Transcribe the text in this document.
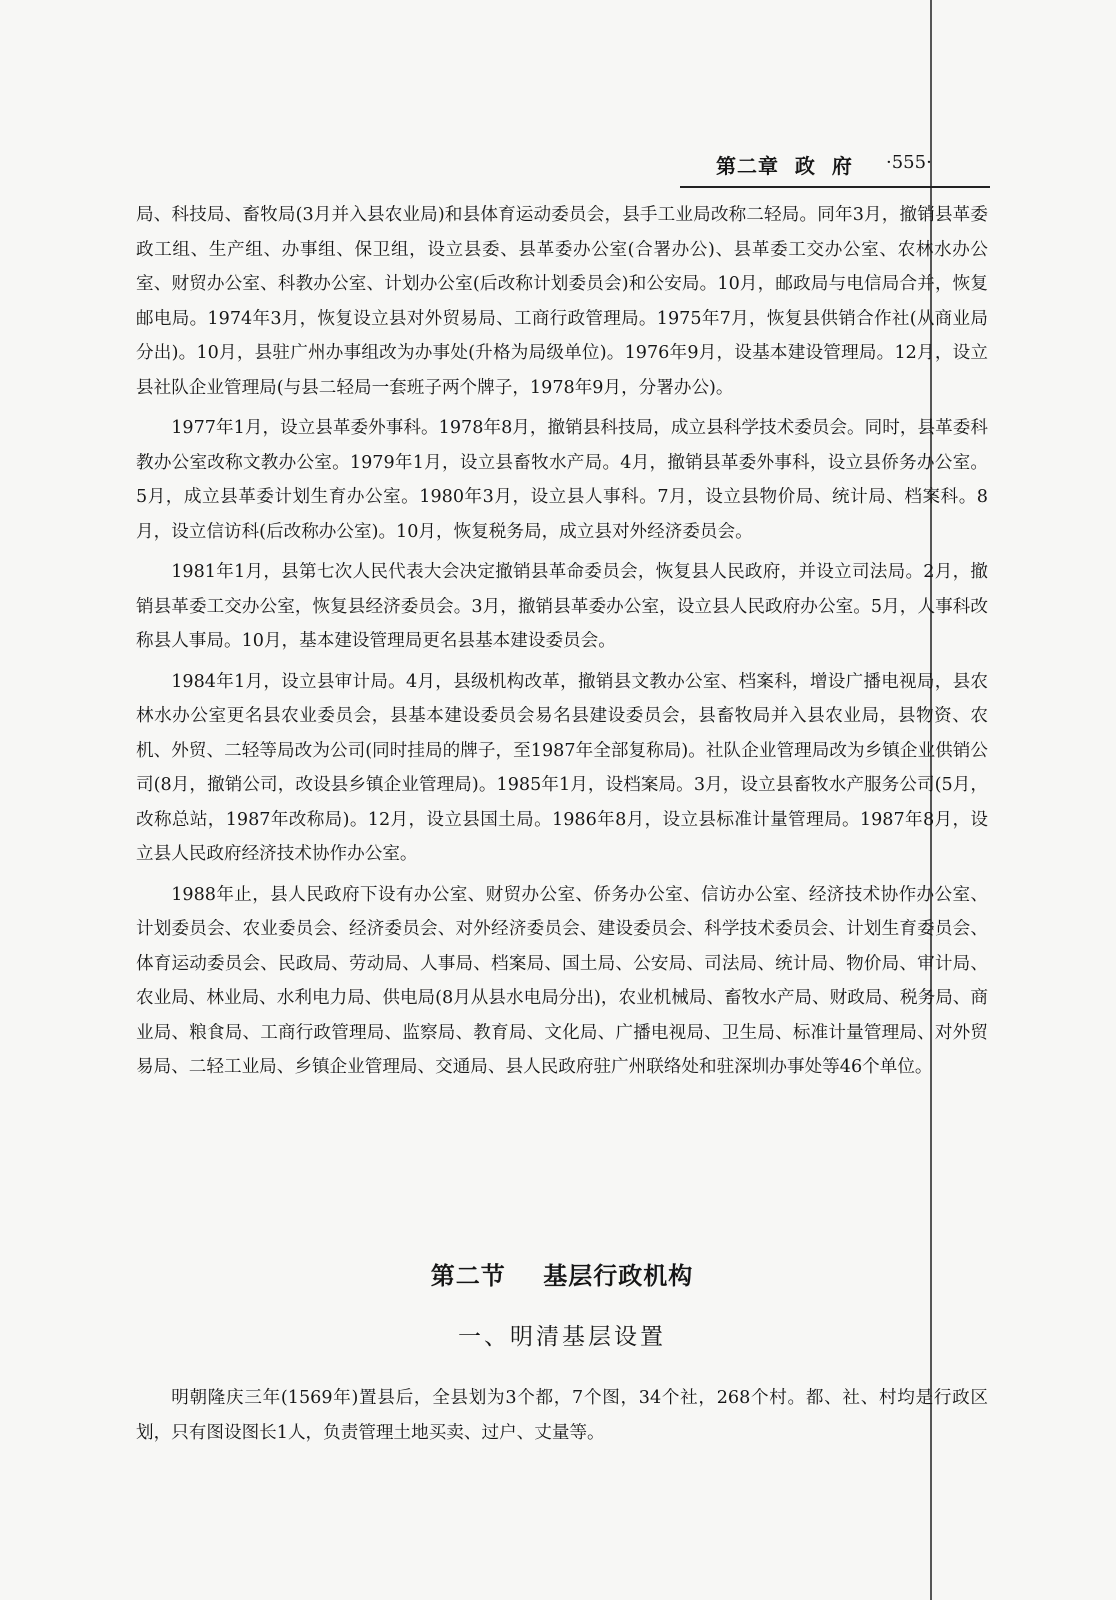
第二章  政  府 ·555·

局、科技局、畜牧局(3月并入县农业局)和县体育运动委员会，县手工业局改称二轻局。同年3月，撤销县革委政工组、生产组、办事组、保卫组，设立县委、县革委办公室(合署办公)、县革委工交办公室、农林水办公室、财贸办公室、科教办公室、计划办公室(后改称计划委员会)和公安局。10月，邮政局与电信局合并，恢复邮电局。1974年3月，恢复设立县对外贸易局、工商行政管理局。1975年7月，恢复县供销合作社(从商业局分出)。10月，县驻广州办事组改为办事处(升格为局级单位)。1976年9月，设基本建设管理局。12月，设立县社队企业管理局(与县二轻局一套班子两个牌子，1978年9月，分署办公)。

1977年1月，设立县革委外事科。1978年8月，撤销县科技局，成立县科学技术委员会。同时，县革委科教办公室改称文教办公室。1979年1月，设立县畜牧水产局。4月，撤销县革委外事科，设立县侨务办公室。5月，成立县革委计划生育办公室。1980年3月，设立县人事科。7月，设立县物价局、统计局、档案科。8月，设立信访科(后改称办公室)。10月，恢复税务局，成立县对外经济委员会。

1981年1月，县第七次人民代表大会决定撤销县革命委员会，恢复县人民政府，并设立司法局。2月，撤销县革委工交办公室，恢复县经济委员会。3月，撤销县革委办公室，设立县人民政府办公室。5月，人事科改称县人事局。10月，基本建设管理局更名县基本建设委员会。

1984年1月，设立县审计局。4月，县级机构改革，撤销县文教办公室、档案科，增设广播电视局，县农林水办公室更名县农业委员会，县基本建设委员会易名县建设委员会，县畜牧局并入县农业局，县物资、农机、外贸、二轻等局改为公司(同时挂局的牌子，至1987年全部复称局)。社队企业管理局改为乡镇企业供销公司(8月，撤销公司，改设县乡镇企业管理局)。1985年1月，设档案局。3月，设立县畜牧水产服务公司(5月，改称总站，1987年改称局)。12月，设立县国土局。1986年8月，设立县标准计量管理局。1987年8月，设立县人民政府经济技术协作办公室。

1988年止，县人民政府下设有办公室、财贸办公室、侨务办公室、信访办公室、经济技术协作办公室、计划委员会、农业委员会、经济委员会、对外经济委员会、建设委员会、科学技术委员会、计划生育委员会、体育运动委员会、民政局、劳动局、人事局、档案局、国土局、公安局、司法局、统计局、物价局、审计局、农业局、林业局、水利电力局、供电局(8月从县水电局分出)，农业机械局、畜牧水产局、财政局、税务局、商业局、粮食局、工商行政管理局、监察局、教育局、文化局、广播电视局、卫生局、标准计量管理局、对外贸易局、二轻工业局、乡镇企业管理局、交通局、县人民政府驻广州联络处和驻深圳办事处等46个单位。

第二节    基层行政机构
一、明清基层设置

明朝隆庆三年(1569年)置县后，全县划为3个都，7个图，34个社，268个村。都、社、村均是行政区划，只有图设图长1人，负责管理土地买卖、过户、丈量等。
